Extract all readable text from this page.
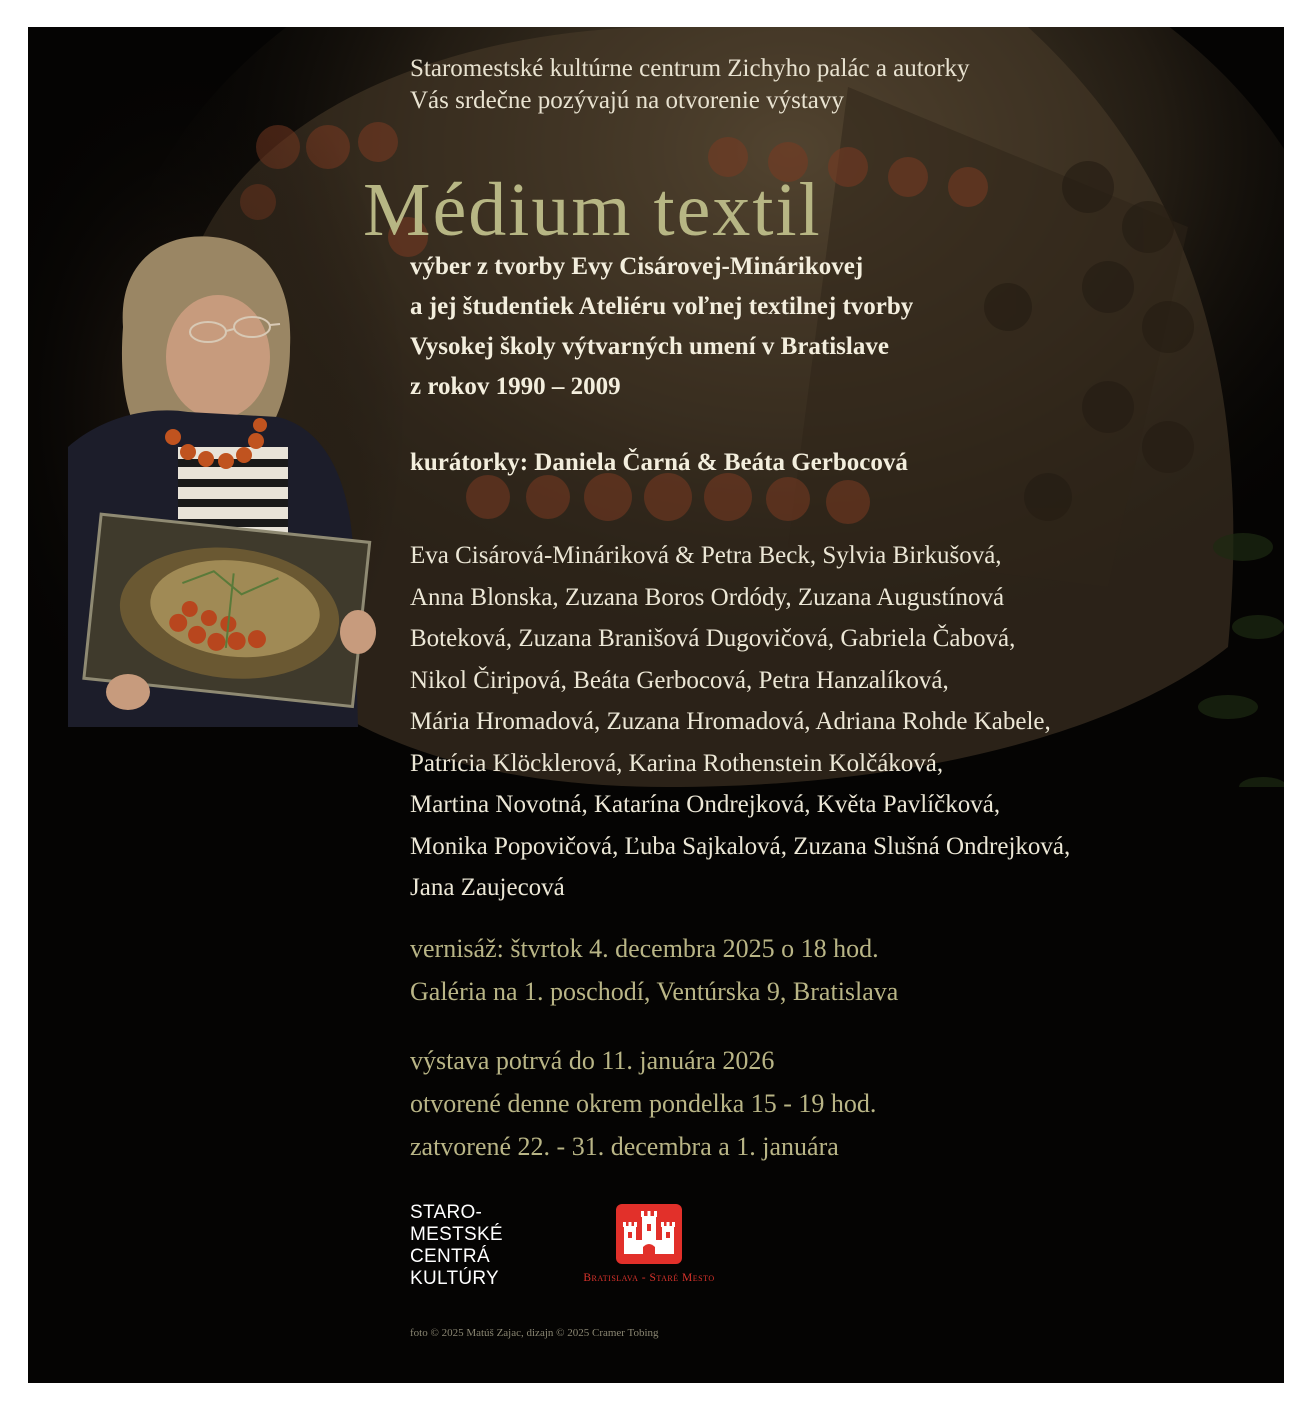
Staromestské kultúrne centrum Zichyho palác a autorky
Vás srdečne pozývajú na otvorenie výstavy
Médium textil
výber z tvorby Evy Cisárovej-Minárikovej
a jej študentiek Ateliéru voľnej textilnej tvorby
Vysokej školy výtvarných umení v Bratislave
z rokov 1990 – 2009
kurátorky: Daniela Čarná & Beáta Gerbocová
Eva Cisárová-Mináriková & Petra Beck, Sylvia Birkušová,
Anna Blonska, Zuzana Boros Ordódy, Zuzana Augustínová
Boteková, Zuzana Branišová Dugovičová, Gabriela Čabová,
Nikol Čiripová, Beáta Gerbocová, Petra Hanzalíková,
Mária Hromadová, Zuzana Hromadová, Adriana Rohde Kabele,
Patrícia Klöcklerová, Karina Rothenstein Kolčáková,
Martina Novotná, Katarína Ondrejková, Květa Pavlíčková,
Monika Popovičová, Ľuba Sajkalová, Zuzana Slušná Ondrejková,
Jana Zaujecová
vernisáž: štvrtok 4. decembra 2025 o 18 hod.
Galéria na 1. poschodí, Ventúrska 9, Bratislava
výstava potrvá do 11. januára 2026
otvorené denne okrem pondelka 15 - 19 hod.
zatvorené 22. - 31. decembra a 1. januára
STARO-
MESTSKÉ
CENTRÁ
KULTÚRY	Bratislava - Staré Mesto
foto © 2025 Matúš Zajac, dizajn © 2025 Cramer Tobing
